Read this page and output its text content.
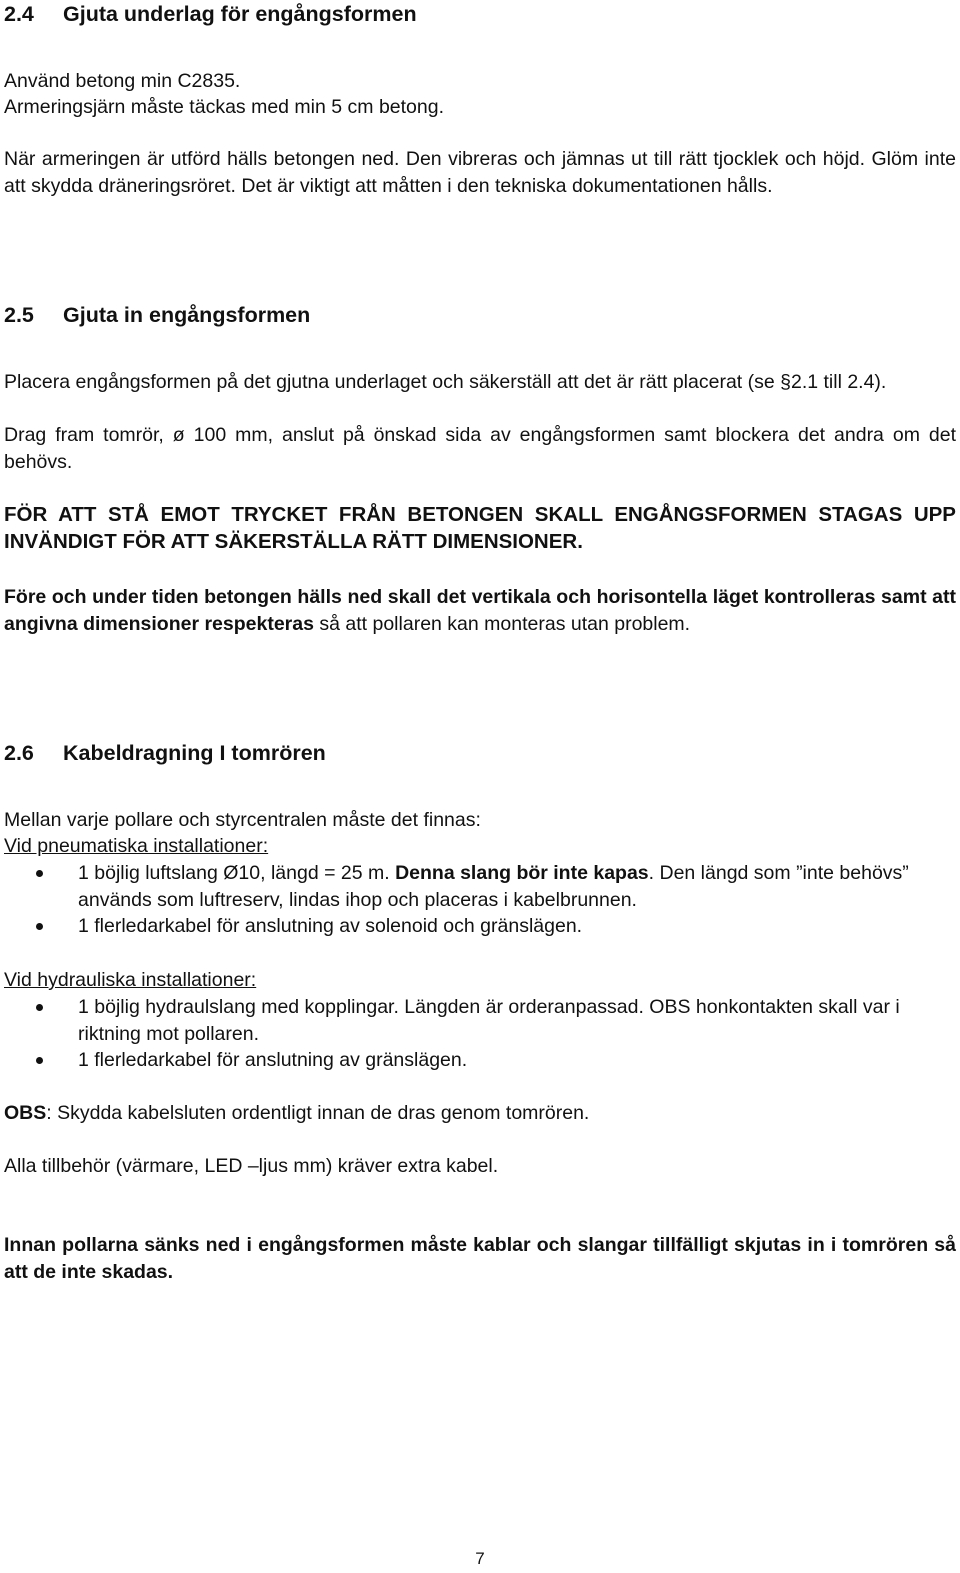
2.4 Gjuta underlag för engångsformen

Använd betong min C2835.

Armeringsjärn måste täckas med min 5 cm betong.

När armeringen är utförd hälls betongen ned. Den vibreras och jämnas ut till rätt tjocklek och höjd. Glöm inte att skydda dräneringsröret. Det är viktigt att måtten i den tekniska dokumentationen hålls.

2.5 Gjuta in engångsformen

Placera engångsformen på det gjutna underlaget och säkerställ att det är rätt placerat (se §2.1 till 2.4).

Drag fram tomrör, ø 100 mm, anslut på önskad sida av engångsformen samt blockera det andra om det behövs.

FÖR ATT STÅ EMOT TRYCKET FRÅN BETONGEN SKALL ENGÅNGSFORMEN STAGAS UPP INVÄNDIGT FÖR ATT SÄKERSTÄLLA RÄTT DIMENSIONER.

Före och under tiden betongen hälls ned skall det vertikala och horisontella läget kontrolleras samt att angivna dimensioner respekteras så att pollaren kan monteras utan problem.

2.6 Kabeldragning I tomrören

Mellan varje pollare och styrcentralen måste det finnas:

Vid pneumatiska installationer:

1 böjlig luftslang Ø10, längd = 25 m. Denna slang bör inte kapas. Den längd som ”inte behövs” används som luftreserv, lindas ihop och placeras i kabelbrunnen.
1 flerledarkabel för anslutning av solenoid och gränslägen.

Vid hydrauliska installationer:

1 böjlig hydraulslang med kopplingar. Längden är orderanpassad. OBS honkontakten skall var i riktning mot pollaren.
1 flerledarkabel för anslutning av gränslägen.

OBS: Skydda kabelsluten ordentligt innan de dras genom tomrören.

Alla tillbehör (värmare, LED –ljus mm) kräver extra kabel.

Innan pollarna sänks ned i engångsformen måste kablar och slangar tillfälligt skjutas in i tomrören så att de inte skadas.

7
